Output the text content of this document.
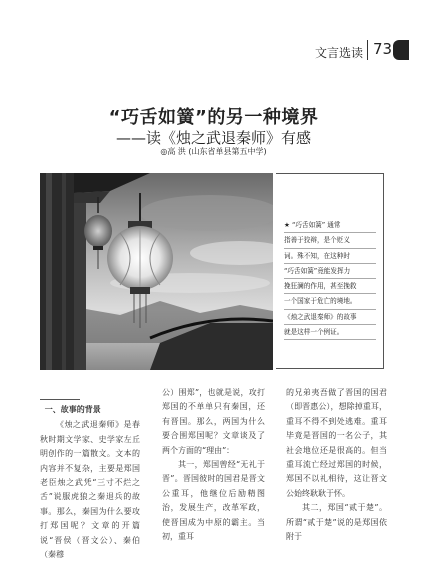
文言选读 73
“巧舌如簧”的另一种境界
——读《烛之武退秦师》有感
◎高 洪 (山东省单县第五中学)
★ “巧舌如簧” 通常
指善于狡辩，是个贬义
词。殊不知，在这种时
“巧舌如簧”竟能发挥力
挽狂澜的作用，甚至挽救
一个国家于危亡的境地。
《烛之武退秦师》的故事
就是这样一个例证。
一、故事的背景

《烛之武退秦师》是春秋时期文学家、史学家左丘明创作的一篇散文。文本的内容并不复杂，主要是郑国老臣烛之武凭“三寸不烂之舌”说服虎狼之秦退兵的故事。那么，秦国为什么要攻打郑国呢？文章的开篇说“晋侯（晋文公）、秦伯（秦穆

公）围郑”，也就是说，攻打郑国的不单单只有秦国，还有晋国。那么，两国为什么要合围郑国呢？文章谈及了两个方面的“理由”：

其一，郑国曾经“无礼于晋”。晋国彼时的国君是晋文公重耳，他继位后励精图治，发展生产，改革军政，使晋国成为中原的霸主。当初，重耳

的兄弟夷吾做了晋国的国君（即晋惠公），想除掉重耳，重耳不得不到处逃难。重耳毕竟是晋国的一名公子，其社会地位还是很高的。但当重耳流亡经过郑国的时候，郑国不以礼相待，这让晋文公始终耿耿于怀。

其二，郑国“贰于楚”。所谓“贰于楚”说的是郑国依附于
